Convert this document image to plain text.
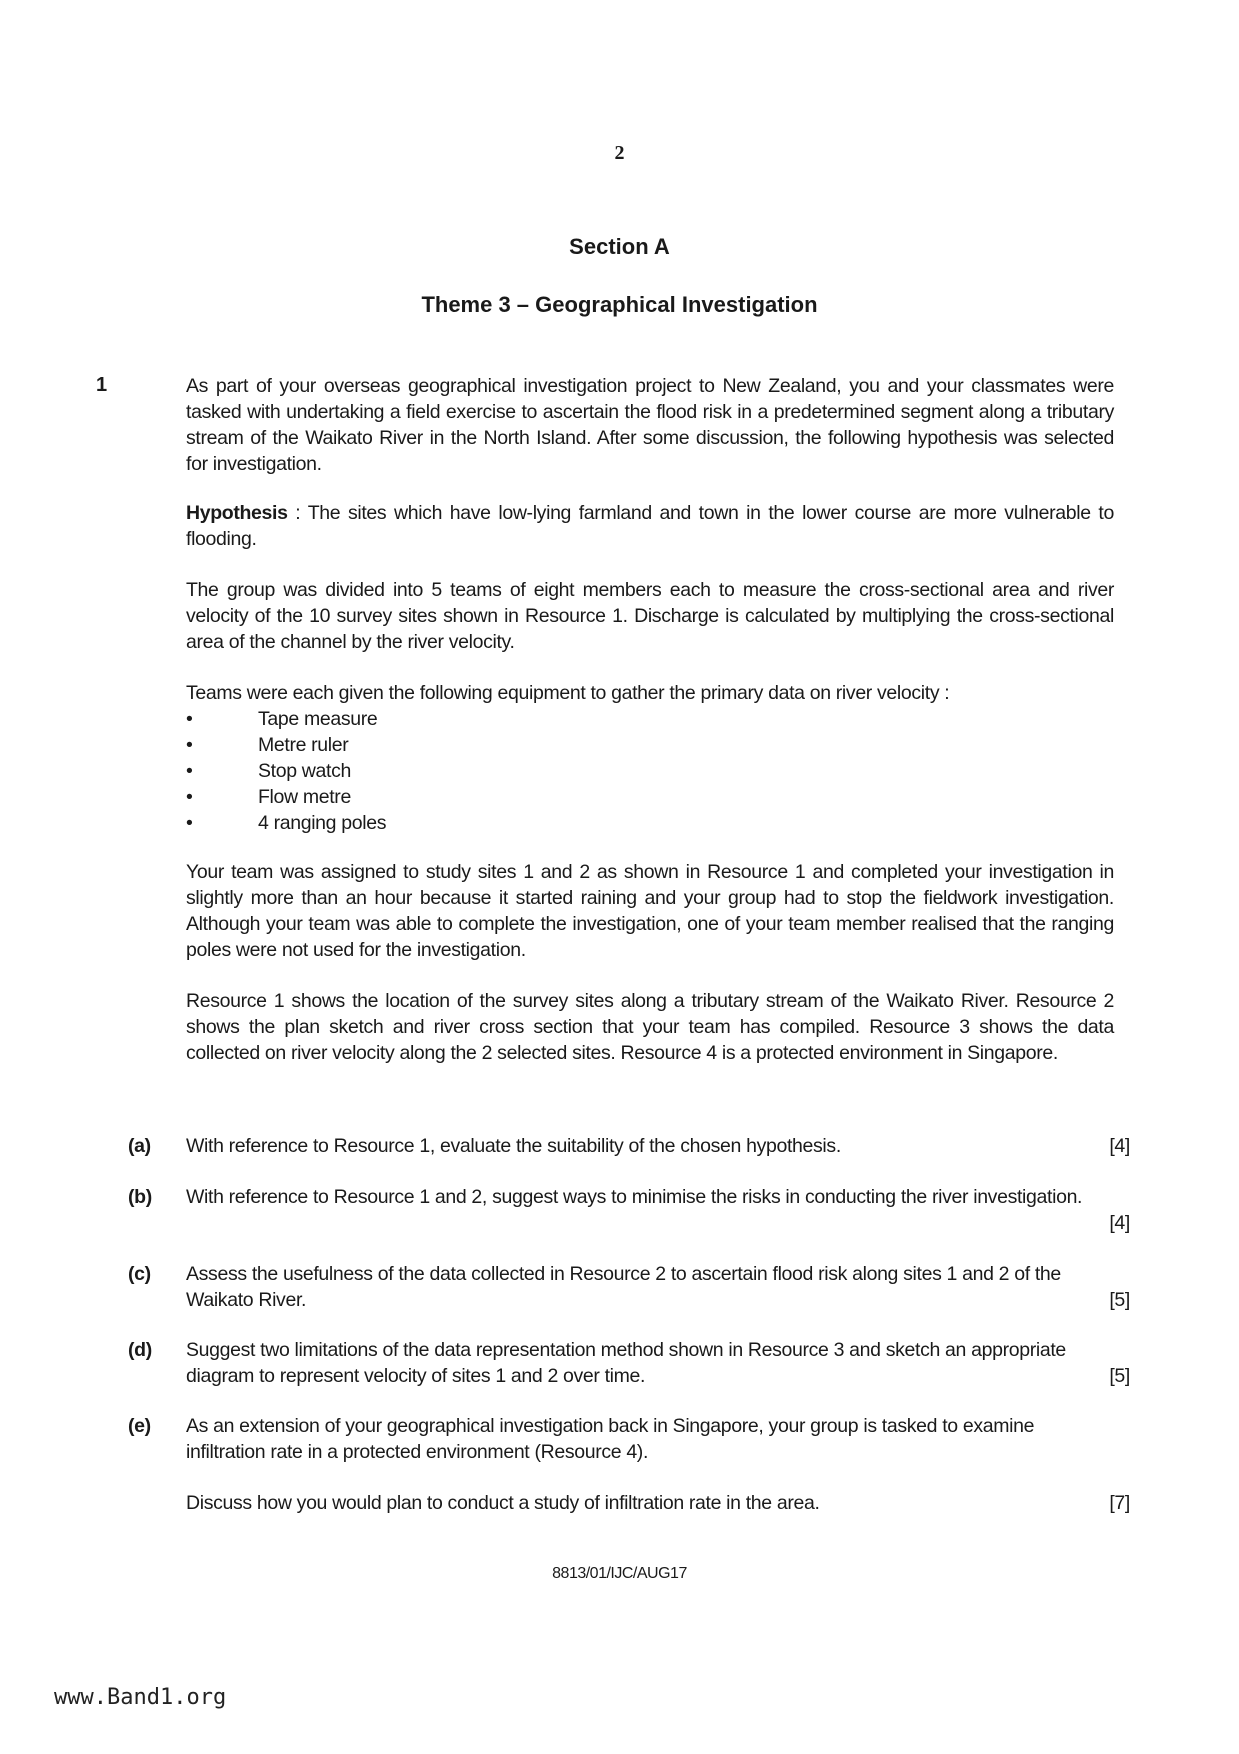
2
Section A
Theme 3 – Geographical Investigation
1	As part of your overseas geographical investigation project to New Zealand, you and your classmates were tasked with undertaking a field exercise to ascertain the flood risk in a predetermined segment along a tributary stream of the Waikato River in the North Island. After some discussion, the following hypothesis was selected for investigation.
Hypothesis : The sites which have low-lying farmland and town in the lower course are more vulnerable to flooding.
The group was divided into 5 teams of eight members each to measure the cross-sectional area and river velocity of the 10 survey sites shown in Resource 1. Discharge is calculated by multiplying the cross-sectional area of the channel by the river velocity.
Teams were each given the following equipment to gather the primary data on river velocity :
•	Tape measure
•	Metre ruler
•	Stop watch
•	Flow metre
•	4 ranging poles
Your team was assigned to study sites 1 and 2 as shown in Resource 1 and completed your investigation in slightly more than an hour because it started raining and your group had to stop the fieldwork investigation. Although your team was able to complete the investigation, one of your team member realised that the ranging poles were not used for the investigation.
Resource 1 shows the location of the survey sites along a tributary stream of the Waikato River. Resource 2 shows the plan sketch and river cross section that your team has compiled. Resource 3 shows the data collected on river velocity along the 2 selected sites. Resource 4 is a protected environment in Singapore.
(a) With reference to Resource 1, evaluate the suitability of the chosen hypothesis.	[4]
(b) With reference to Resource 1 and 2, suggest ways to minimise the risks in conducting the river investigation.
[4]
(c) Assess the usefulness of the data collected in Resource 2 to ascertain flood risk along sites 1 and 2 of the Waikato River.	[5]
(d) Suggest two limitations of the data representation method shown in Resource 3 and sketch an appropriate diagram to represent velocity of sites 1 and 2 over time.	[5]
(e) As an extension of your geographical investigation back in Singapore, your group is tasked to examine infiltration rate in a protected environment (Resource 4).
Discuss how you would plan to conduct a study of infiltration rate in the area.	[7]
8813/01/IJC/AUG17
www.Band1.org
